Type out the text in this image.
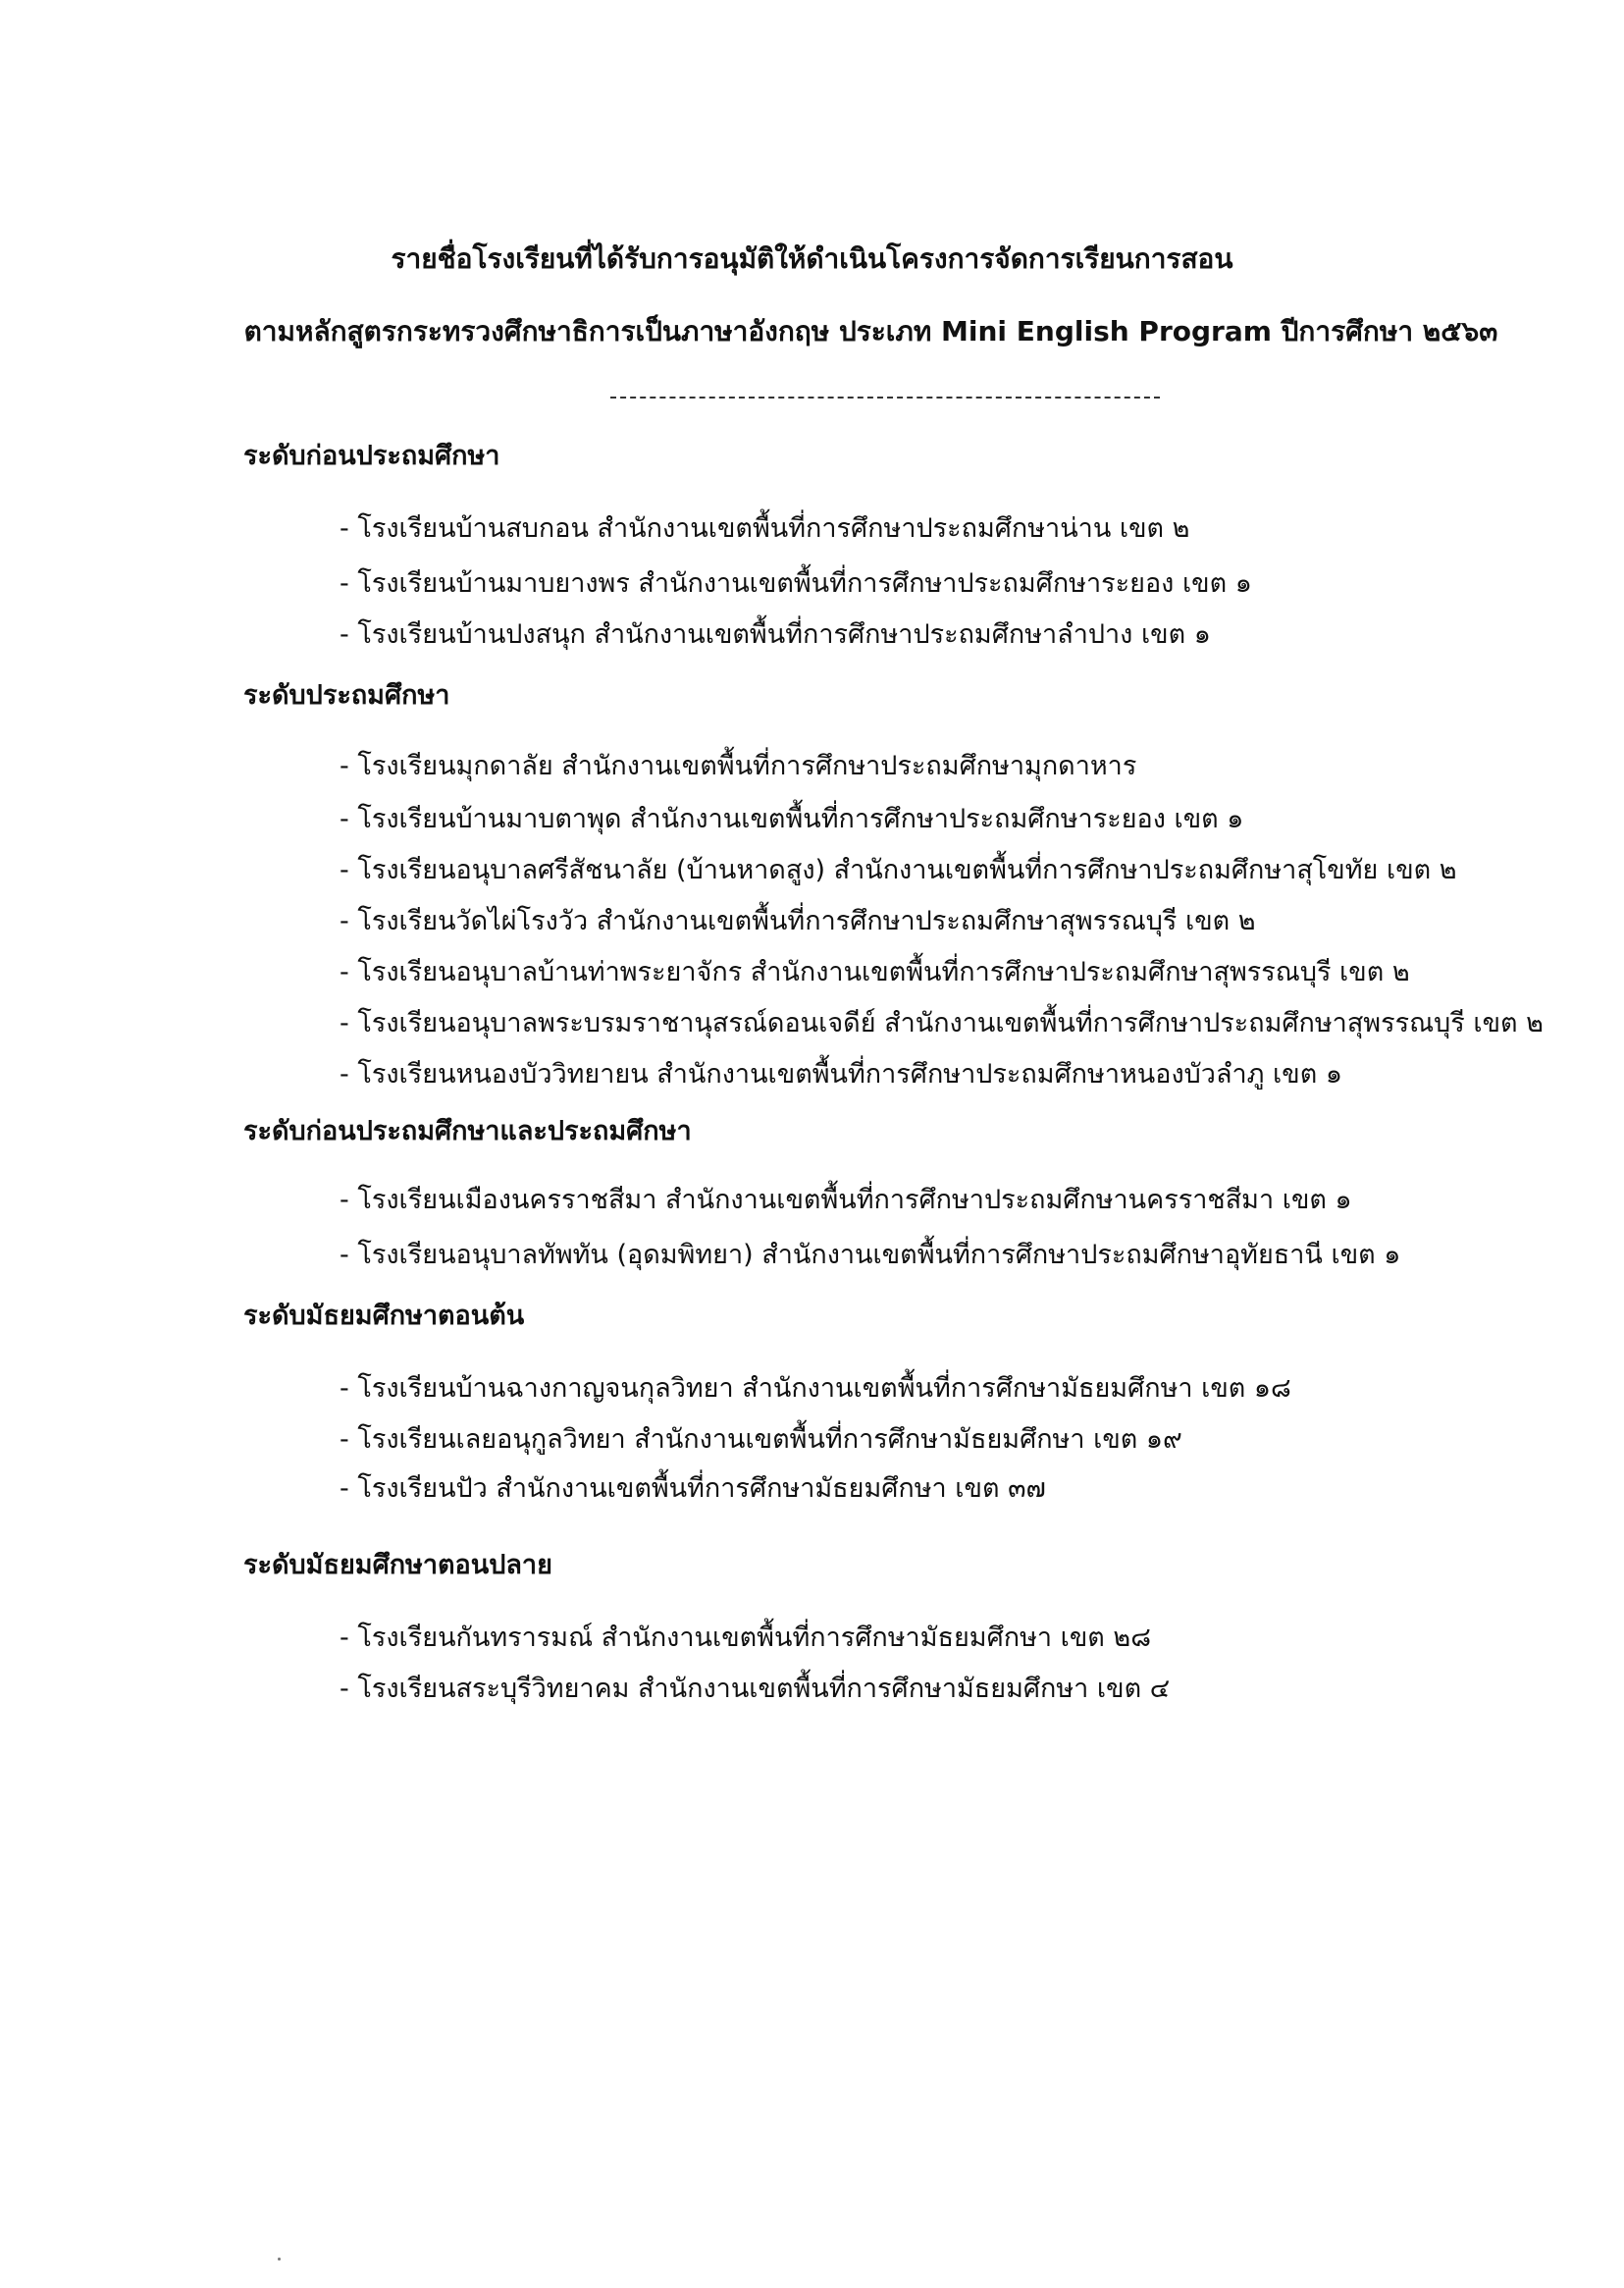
รายชื่อโรงเรียนที่ได้รับการอนุมัติให้ดำเนินโครงการจัดการเรียนการสอน
ตามหลักสูตรกระทรวงศึกษาธิการเป็นภาษาอังกฤษ ประเภท Mini English Program ปีการศึกษา ๒๕๖๓
ระดับก่อนประถมศึกษา
- โรงเรียนบ้านสบกอน สำนักงานเขตพื้นที่การศึกษาประถมศึกษาน่าน เขต ๒
- โรงเรียนบ้านมาบยางพร สำนักงานเขตพื้นที่การศึกษาประถมศึกษาระยอง เขต ๑
- โรงเรียนบ้านปงสนุก สำนักงานเขตพื้นที่การศึกษาประถมศึกษาลำปาง เขต ๑
ระดับประถมศึกษา
- โรงเรียนมุกดาลัย สำนักงานเขตพื้นที่การศึกษาประถมศึกษามุกดาหาร
- โรงเรียนบ้านมาบตาพุด สำนักงานเขตพื้นที่การศึกษาประถมศึกษาระยอง เขต ๑
- โรงเรียนอนุบาลศรีสัชนาลัย (บ้านหาดสูง) สำนักงานเขตพื้นที่การศึกษาประถมศึกษาสุโขทัย เขต ๒
- โรงเรียนวัดไผ่โรงวัว สำนักงานเขตพื้นที่การศึกษาประถมศึกษาสุพรรณบุรี เขต ๒
- โรงเรียนอนุบาลบ้านท่าพระยาจักร สำนักงานเขตพื้นที่การศึกษาประถมศึกษาสุพรรณบุรี เขต ๒
- โรงเรียนอนุบาลพระบรมราชานุสรณ์ดอนเจดีย์ สำนักงานเขตพื้นที่การศึกษาประถมศึกษาสุพรรณบุรี เขต ๒
- โรงเรียนหนองบัววิทยายน สำนักงานเขตพื้นที่การศึกษาประถมศึกษาหนองบัวลำภู เขต ๑
ระดับก่อนประถมศึกษาและประถมศึกษา
- โรงเรียนเมืองนครราชสีมา สำนักงานเขตพื้นที่การศึกษาประถมศึกษานครราชสีมา เขต ๑
- โรงเรียนอนุบาลทัพทัน (อุดมพิทยา) สำนักงานเขตพื้นที่การศึกษาประถมศึกษาอุทัยธานี เขต ๑
ระดับมัธยมศึกษาตอนต้น
- โรงเรียนบ้านฉางกาญจนกุลวิทยา สำนักงานเขตพื้นที่การศึกษามัธยมศึกษา เขต ๑๘
- โรงเรียนเลยอนุกูลวิทยา สำนักงานเขตพื้นที่การศึกษามัธยมศึกษา เขต ๑๙
- โรงเรียนปัว สำนักงานเขตพื้นที่การศึกษามัธยมศึกษา เขต ๓๗
ระดับมัธยมศึกษาตอนปลาย
- โรงเรียนกันทรารมณ์ สำนักงานเขตพื้นที่การศึกษามัธยมศึกษา เขต ๒๘
- โรงเรียนสระบุรีวิทยาคม สำนักงานเขตพื้นที่การศึกษามัธยมศึกษา เขต ๔
